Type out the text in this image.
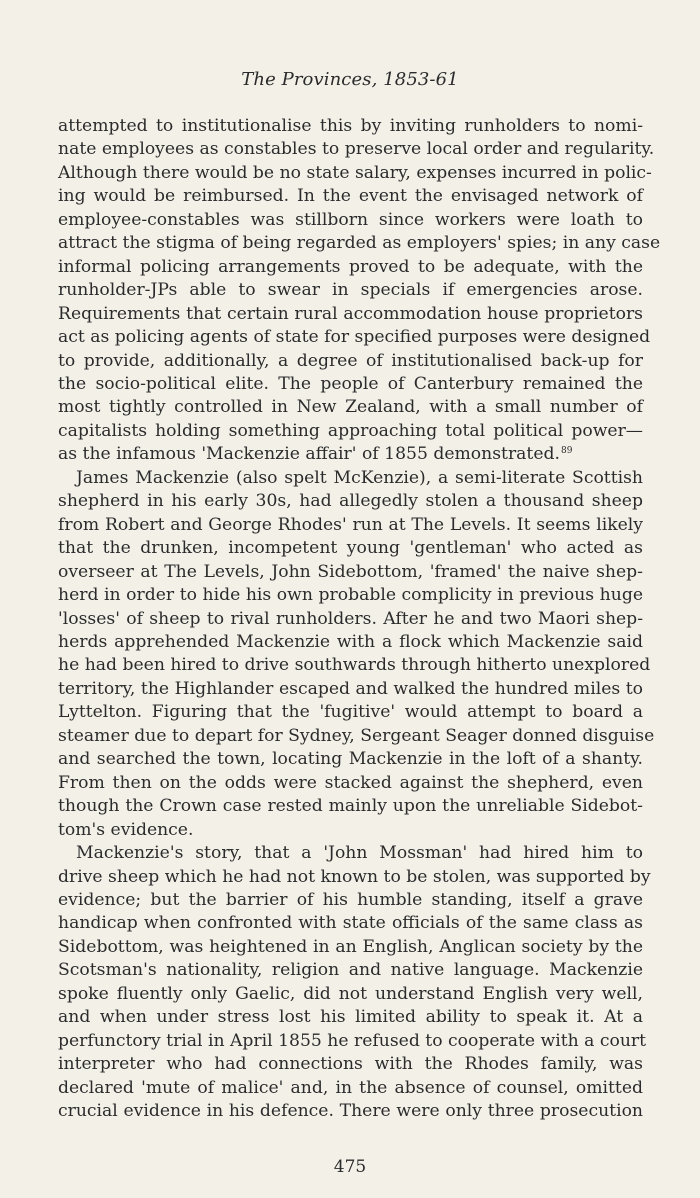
The Provinces, 1853-61
attempted to institutionalise this by inviting runholders to nomi-
nate employees as constables to preserve local order and regularity.
Although there would be no state salary, expenses incurred in polic-
ing would be reimbursed. In the event the envisaged network of
employee-constables was stillborn since workers were loath to
attract the stigma of being regarded as employers' spies; in any case
informal policing arrangements proved to be adequate, with the
runholder-JPs able to swear in specials if emergencies arose.
Requirements that certain rural accommodation house proprietors
act as policing agents of state for specified purposes were designed
to provide, additionally, a degree of institutionalised back-up for
the socio-political elite. The people of Canterbury remained the
most tightly controlled in New Zealand, with a small number of
capitalists holding something approaching total political power—
as the infamous 'Mackenzie affair' of 1855 demonstrated.$^{89}$
James Mackenzie (also spelt McKenzie), a semi-literate Scottish
shepherd in his early 30s, had allegedly stolen a thousand sheep
from Robert and George Rhodes' run at The Levels. It seems likely
that the drunken, incompetent young 'gentleman' who acted as
overseer at The Levels, John Sidebottom, 'framed' the naive shep-
herd in order to hide his own probable complicity in previous huge
'losses' of sheep to rival runholders. After he and two Maori shep-
herds apprehended Mackenzie with a flock which Mackenzie said
he had been hired to drive southwards through hitherto unexplored
territory, the Highlander escaped and walked the hundred miles to
Lyttelton. Figuring that the 'fugitive' would attempt to board a
steamer due to depart for Sydney, Sergeant Seager donned disguise
and searched the town, locating Mackenzie in the loft of a shanty.
From then on the odds were stacked against the shepherd, even
though the Crown case rested mainly upon the unreliable Sidebot-
tom's evidence.
Mackenzie's story, that a 'John Mossman' had hired him to
drive sheep which he had not known to be stolen, was supported by
evidence; but the barrier of his humble standing, itself a grave
handicap when confronted with state officials of the same class as
Sidebottom, was heightened in an English, Anglican society by the
Scotsman's nationality, religion and native language. Mackenzie
spoke fluently only Gaelic, did not understand English very well,
and when under stress lost his limited ability to speak it. At a
perfunctory trial in April 1855 he refused to cooperate with a court
interpreter who had connections with the Rhodes family, was
declared 'mute of malice' and, in the absence of counsel, omitted
crucial evidence in his defence. There were only three prosecution
475
